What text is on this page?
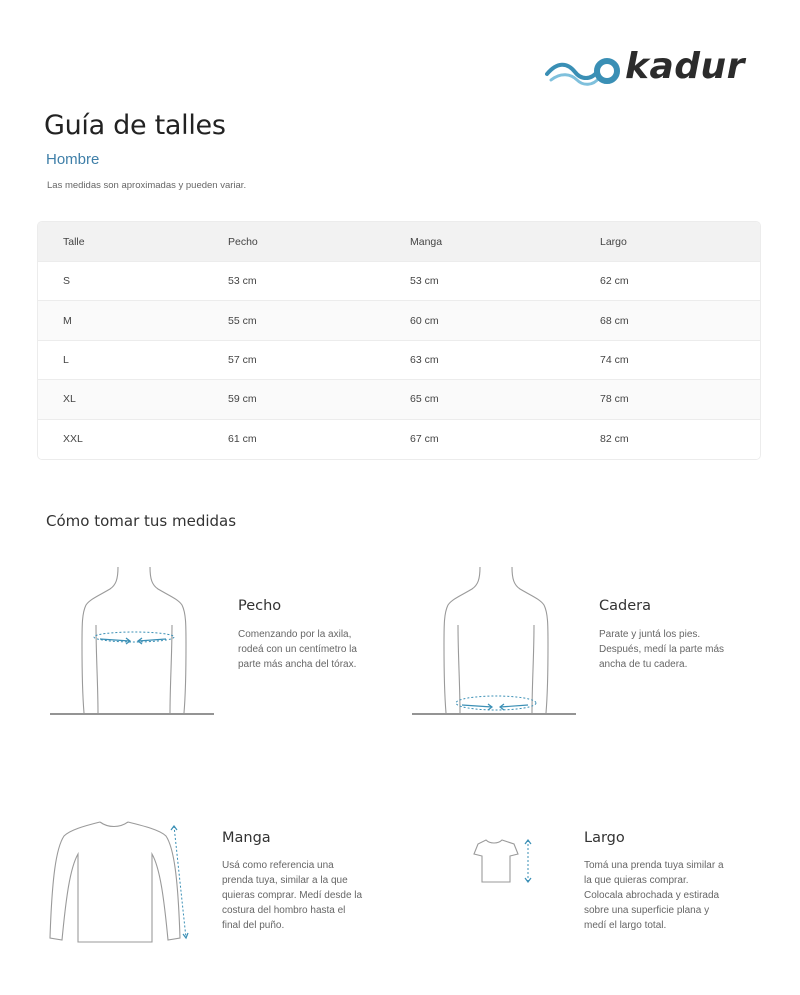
kadur
Guía de talles
Hombre
Las medidas son aproximadas y pueden variar.
Talle	Pecho	Manga	Largo
S	53 cm	53 cm	62 cm
M	55 cm	60 cm	68 cm
L	57 cm	63 cm	74 cm
XL	59 cm	65 cm	78 cm
XXL	61 cm	67 cm	82 cm
Cómo tomar tus medidas
Pecho
Comenzando por la axila,
rodeá con un centímetro la
parte más ancha del tórax.
Cadera
Parate y juntá los pies.
Después, medí la parte más
ancha de tu cadera.
Manga
Usá como referencia una
prenda tuya, similar a la que
quieras comprar. Medí desde la
costura del hombro hasta el
final del puño.
Largo
Tomá una prenda tuya similar a
la que quieras comprar.
Colocala abrochada y estirada
sobre una superficie plana y
medí el largo total.
